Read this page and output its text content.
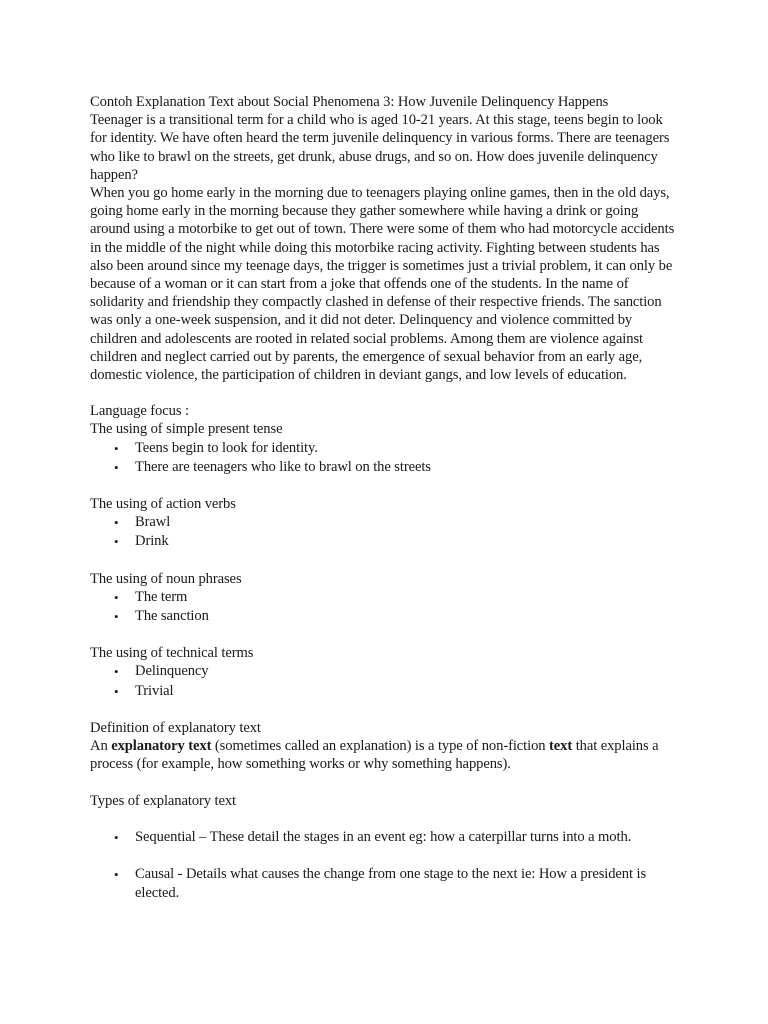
Contoh Explanation Text about Social Phenomena 3: How Juvenile Delinquency Happens

Teenager is a transitional term for a child who is aged 10-21 years. At this stage, teens begin to look for identity. We have often heard the term juvenile delinquency in various forms. There are teenagers who like to brawl on the streets, get drunk, abuse drugs, and so on. How does juvenile delinquency happen?

When you go home early in the morning due to teenagers playing online games, then in the old days, going home early in the morning because they gather somewhere while having a drink or going around using a motorbike to get out of town. There were some of them who had motorcycle accidents in the middle of the night while doing this motorbike racing activity. Fighting between students has also been around since my teenage days, the trigger is sometimes just a trivial problem, it can only be because of a woman or it can start from a joke that offends one of the students. In the name of solidarity and friendship they compactly clashed in defense of their respective friends. The sanction was only a one-week suspension, and it did not deter. Delinquency and violence committed by children and adolescents are rooted in related social problems. Among them are violence against children and neglect carried out by parents, the emergence of sexual behavior from an early age, domestic violence, the participation of children in deviant gangs, and low levels of education.

Language focus :

The using of simple present tense

• Teens begin to look for identity.
• There are teenagers who like to brawl on the streets

The using of action verbs

• Brawl
• Drink

The using of noun phrases

• The term
• The sanction

The using of technical terms

• Delinquency
• Trivial

Definition of explanatory text

An explanatory text (sometimes called an explanation) is a type of non-fiction text that explains a process (for example, how something works or why something happens).

Types of explanatory text

• Sequential – These detail the stages in an event eg: how a caterpillar turns into a moth.
• Causal - Details what causes the change from one stage to the next ie: How a president is elected.
